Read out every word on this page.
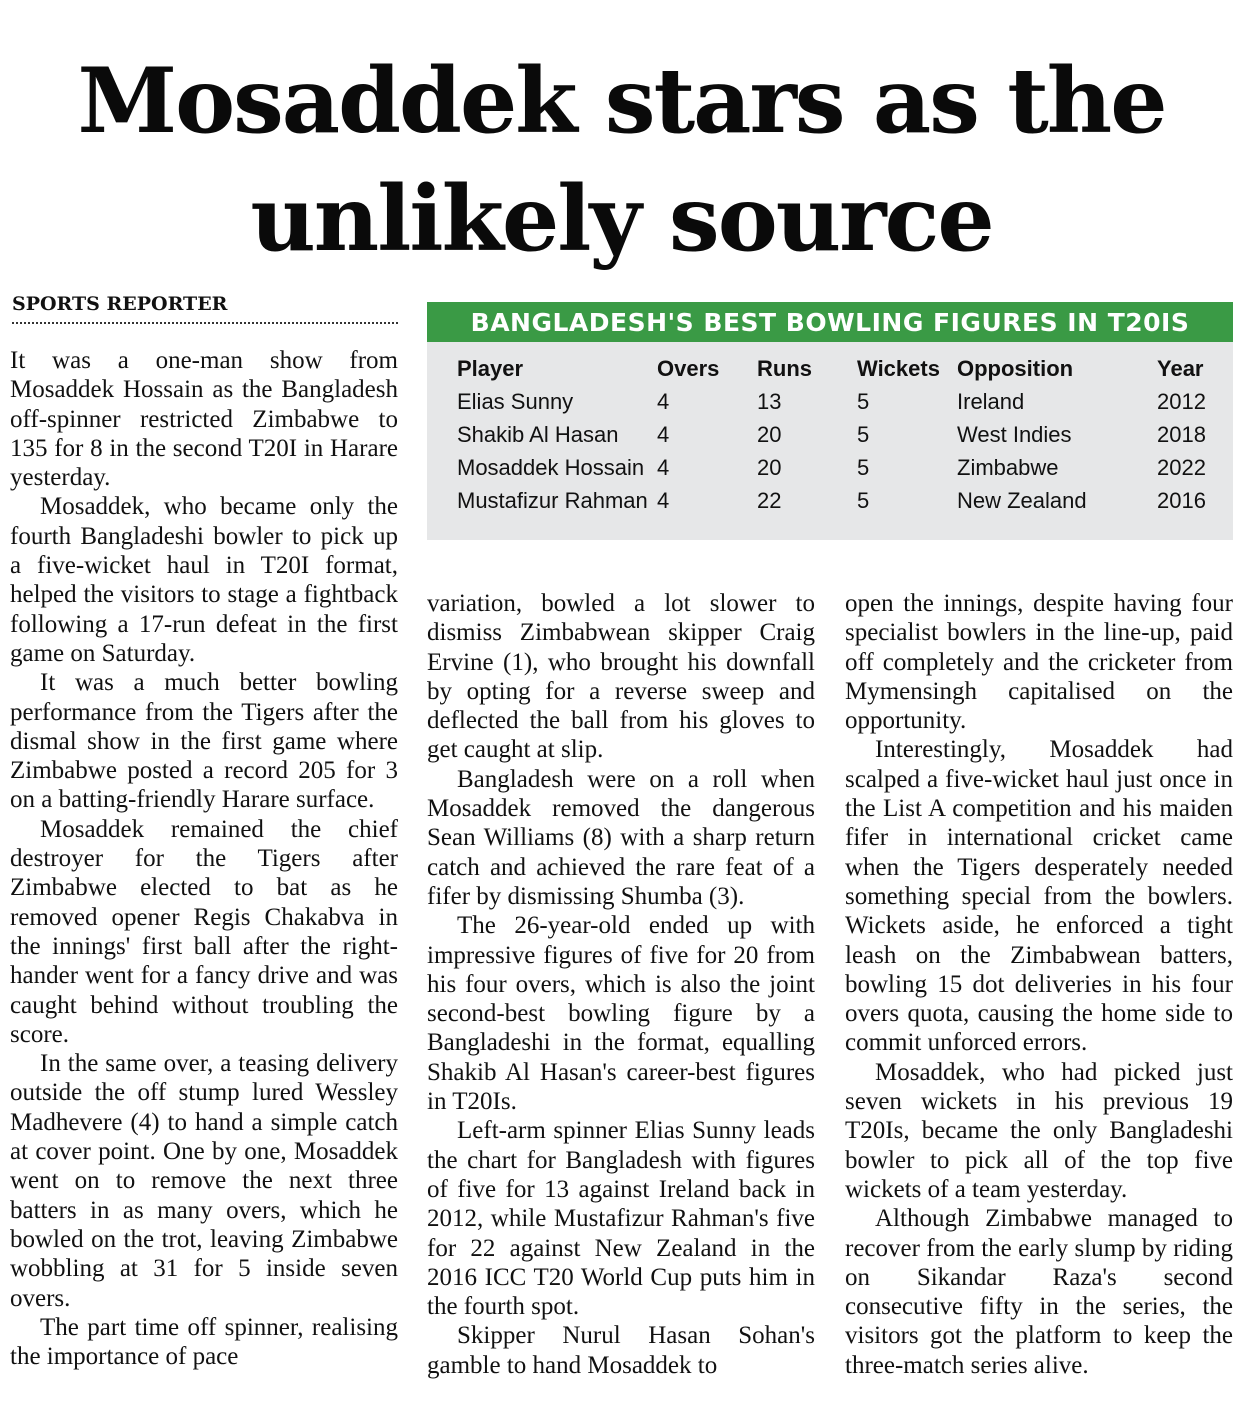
Mosaddek stars as the unlikely source
SPORTS REPORTER
BANGLADESH'S BEST BOWLING FIGURES IN T20IS
Player	Overs	Runs	Wickets	Opposition	Year
Elias Sunny	4	13	5	Ireland	2012
Shakib Al Hasan	4	20	5	West Indies	2018
Mosaddek Hossain	4	20	5	Zimbabwe	2022
Mustafizur Rahman	4	22	5	New Zealand	2016

It was a one-man show from Mosaddek Hossain as the Bangladesh off-spinner restricted Zimbabwe to 135 for 8 in the second T20I in Harare yesterday.

Mosaddek, who became only the fourth Bangladeshi bowler to pick up a five-wicket haul in T20I format, helped the visitors to stage a fightback following a 17-run defeat in the first game on Saturday.

It was a much better bowling performance from the Tigers after the dismal show in the first game where Zimbabwe posted a record 205 for 3 on a batting-friendly Harare surface.

Mosaddek remained the chief destroyer for the Tigers after Zimbabwe elected to bat as he removed opener Regis Chakabva in the innings' first ball after the right-hander went for a fancy drive and was caught behind without troubling the score.

In the same over, a teasing delivery outside the off stump lured Wessley Madhevere (4) to hand a simple catch at cover point. One by one, Mosaddek went on to remove the next three batters in as many overs, which he bowled on the trot, leaving Zimbabwe wobbling at 31 for 5 inside seven overs.

The part time off spinner, realising the importance of pace

variation, bowled a lot slower to dismiss Zimbabwean skipper Craig Ervine (1), who brought his downfall by opting for a reverse sweep and deflected the ball from his gloves to get caught at slip.

Bangladesh were on a roll when Mosaddek removed the dangerous Sean Williams (8) with a sharp return catch and achieved the rare feat of a fifer by dismissing Shumba (3).

The 26-year-old ended up with impressive figures of five for 20 from his four overs, which is also the joint second-best bowling figure by a Bangladeshi in the format, equalling Shakib Al Hasan's career-best figures in T20Is.

Left-arm spinner Elias Sunny leads the chart for Bangladesh with figures of five for 13 against Ireland back in 2012, while Mustafizur Rahman's five for 22 against New Zealand in the 2016 ICC T20 World Cup puts him in the fourth spot.

Skipper Nurul Hasan Sohan's gamble to hand Mosaddek to

open the innings, despite having four specialist bowlers in the line-up, paid off completely and the cricketer from Mymensingh capitalised on the opportunity.

Interestingly, Mosaddek had scalped a five-wicket haul just once in the List A competition and his maiden fifer in international cricket came when the Tigers desperately needed something special from the bowlers. Wickets aside, he enforced a tight leash on the Zimbabwean batters, bowling 15 dot deliveries in his four overs quota, causing the home side to commit unforced errors.

Mosaddek, who had picked just seven wickets in his previous 19 T20Is, became the only Bangladeshi bowler to pick all of the top five wickets of a team yesterday.

Although Zimbabwe managed to recover from the early slump by riding on Sikandar Raza's second consecutive fifty in the series, the visitors got the platform to keep the three-match series alive.
